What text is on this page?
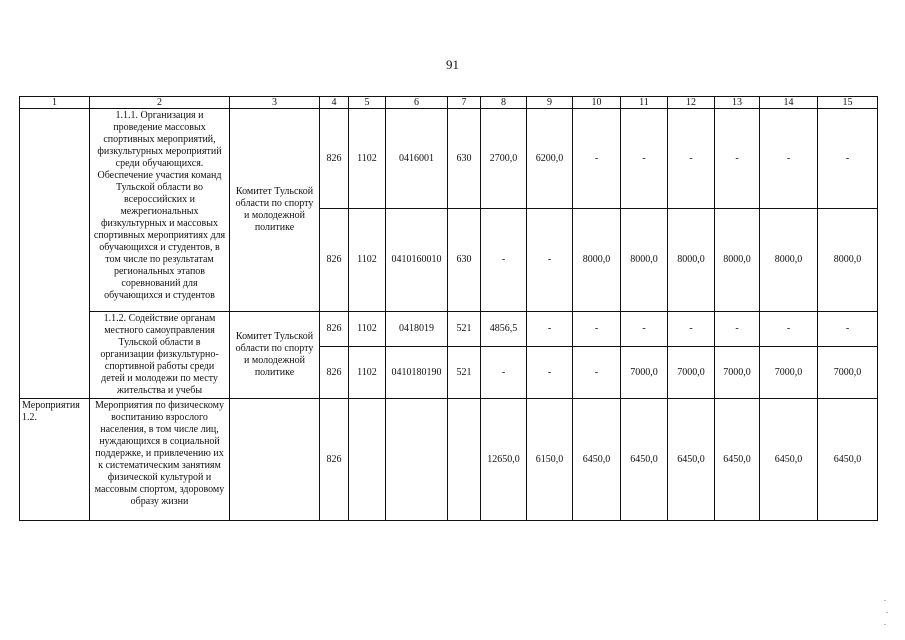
91
1	2	3	4	5	6	7	8	9	10	11	12	13	14	15
	1.1.1. Организация и проведение массовых спортивных мероприятий, физкультурных мероприятий среди обучающихся. Обеспечение участия команд Тульской области во всероссийских и межрегиональных физкультурных и массовых спортивных мероприятиях для обучающихся и студентов, в том числе по результатам региональных этапов соревнований для обучающихся и студентов	Комитет Тульской области по спорту и молодежной политике	826	1102	0416001	630	2700,0	6200,0	-	-	-	-	-	-
			826	1102	0410160010	630	-	-	8000,0	8000,0	8000,0	8000,0	8000,0	8000,0
	1.1.2. Содействие органам местного самоуправления Тульской области в организации физкультурно-спортивной работы среди детей и молодежи по месту жительства и учебы	Комитет Тульской области по спорту и молодежной политике	826	1102	0418019	521	4856,5	-	-	-	-	-	-	-
			826	1102	0410180190	521	-	-	-	7000,0	7000,0	7000,0	7000,0	7000,0
Мероприятия 1.2.	Мероприятия по физическому воспитанию взрослого населения, в том числе лиц, нуждающихся в социальной поддержке, и привлечению их к систематическим занятиям физической культурой и массовым спортом, здоровому образу жизни		826				12650,0	6150,0	6450,0	6450,0	6450,0	6450,0	6450,0	6450,0
